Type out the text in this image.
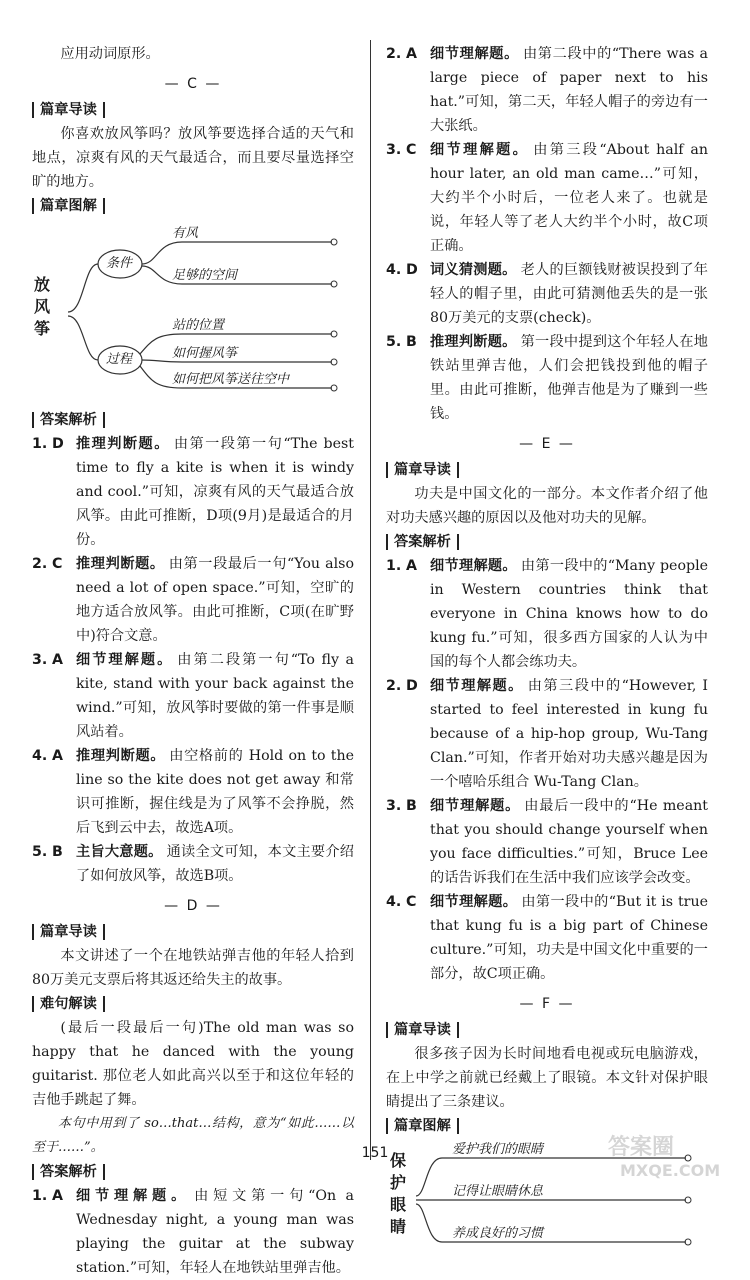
应用动词原形。
— C —
篇章导读
你喜欢放风筝吗？放风筝要选择合适的天气和地点，凉爽有风的天气最适合，而且要尽量选择空旷的地方。
篇章图解
放风筝
条件
有风
足够的空间
过程
站的位置
如何握风筝
如何把风筝送往空中
答案解析
1. D 推理判断题。 由第一段第一句“The best time to fly a kite is when it is windy and cool.”可知，凉爽有风的天气最适合放风筝。由此可推断，D项(9月)是最适合的月份。
2. C 推理判断题。 由第一段最后一句“You also need a lot of open space.”可知，空旷的地方适合放风筝。由此可推断，C项(在旷野中)符合文意。
3. A 细节理解题。 由第二段第一句“To fly a kite, stand with your back against the wind.”可知，放风筝时要做的第一件事是顺风站着。
4. A 推理判断题。 由空格前的 Hold on to the line so the kite does not get away 和常识可推断，握住线是为了风筝不会挣脱，然后飞到云中去，故选A项。
5. B 主旨大意题。 通读全文可知，本文主要介绍了如何放风筝，故选B项。
— D —
篇章导读
本文讲述了一个在地铁站弹吉他的年轻人拾到80万美元支票后将其返还给失主的故事。
难句解读
(最后一段最后一句)The old man was so happy that he danced with the young guitarist. 那位老人如此高兴以至于和这位年轻的吉他手跳起了舞。
本句中用到了 so…that…结构，意为“如此……以至于……”。
答案解析
1. A 细节理解题。 由短文第一句“On a Wednesday night, a young man was playing the guitar at the subway station.”可知，年轻人在地铁站里弹吉他。
2. A 细节理解题。 由第二段中的“There was a large piece of paper next to his hat.”可知，第二天，年轻人帽子的旁边有一大张纸。
3. C 细节理解题。 由第三段“About half an hour later, an old man came…”可知，大约半个小时后，一位老人来了。也就是说，年轻人等了老人大约半个小时，故C项正确。
4. D 词义猜测题。 老人的巨额钱财被误投到了年轻人的帽子里，由此可猜测他丢失的是一张80万美元的支票(check)。
5. B 推理判断题。 第一段中提到这个年轻人在地铁站里弹吉他，人们会把钱投到他的帽子里。由此可推断，他弹吉他是为了赚到一些钱。
— E —
篇章导读
功夫是中国文化的一部分。本文作者介绍了他对功夫感兴趣的原因以及他对功夫的见解。
答案解析
1. A 细节理解题。 由第一段中的“Many people in Western countries think that everyone in China knows how to do kung fu.”可知，很多西方国家的人认为中国的每个人都会练功夫。
2. D 细节理解题。 由第三段中的“However, I started to feel interested in kung fu because of a hip-hop group, Wu-Tang Clan.”可知，作者开始对功夫感兴趣是因为一个嘻哈乐组合 Wu-Tang Clan。
3. B 细节理解题。 由最后一段中的“He meant that you should change yourself when you face difficulties.”可知，Bruce Lee 的话告诉我们在生活中我们应该学会改变。
4. C 细节理解题。 由第一段中的“But it is true that kung fu is a big part of Chinese culture.”可知，功夫是中国文化中重要的一部分，故C项正确。
— F —
篇章导读
很多孩子因为长时间地看电视或玩电脑游戏，在上中学之前就已经戴上了眼镜。本文针对保护眼睛提出了三条建议。
篇章图解
保护眼睛
爱护我们的眼睛
记得让眼睛休息
养成良好的习惯
151	答案圈
MXQE.COM
